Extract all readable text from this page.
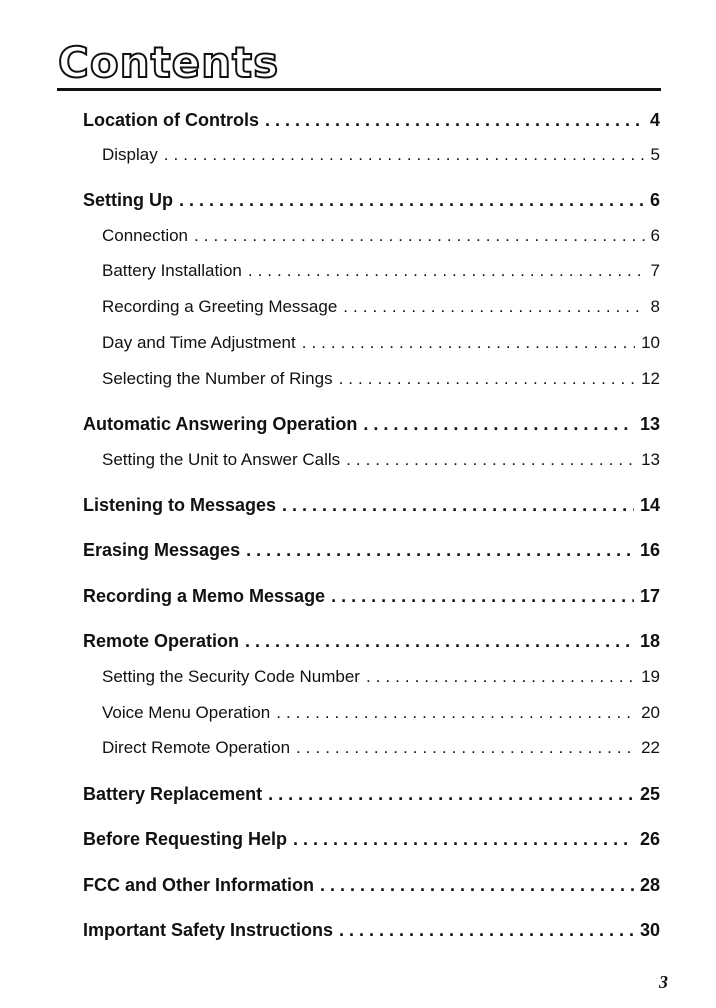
Contents
Location of Controls .....	4
Display .....	5
Setting Up .....	6
Connection .....	6
Battery Installation .....	7
Recording a Greeting Message .....	8
Day and Time Adjustment .....	10
Selecting the Number of Rings .....	12
Automatic Answering Operation .....	13
Setting the Unit to Answer Calls .....	13
Listening to Messages .....	14
Erasing Messages .....	16
Recording a Memo Message .....	17
Remote Operation .....	18
Setting the Security Code Number .....	19
Voice Menu Operation .....	20
Direct Remote Operation .....	22
Battery Replacement .....	25
Before Requesting Help .....	26
FCC and Other Information .....	28
Important Safety Instructions .....	30

3
